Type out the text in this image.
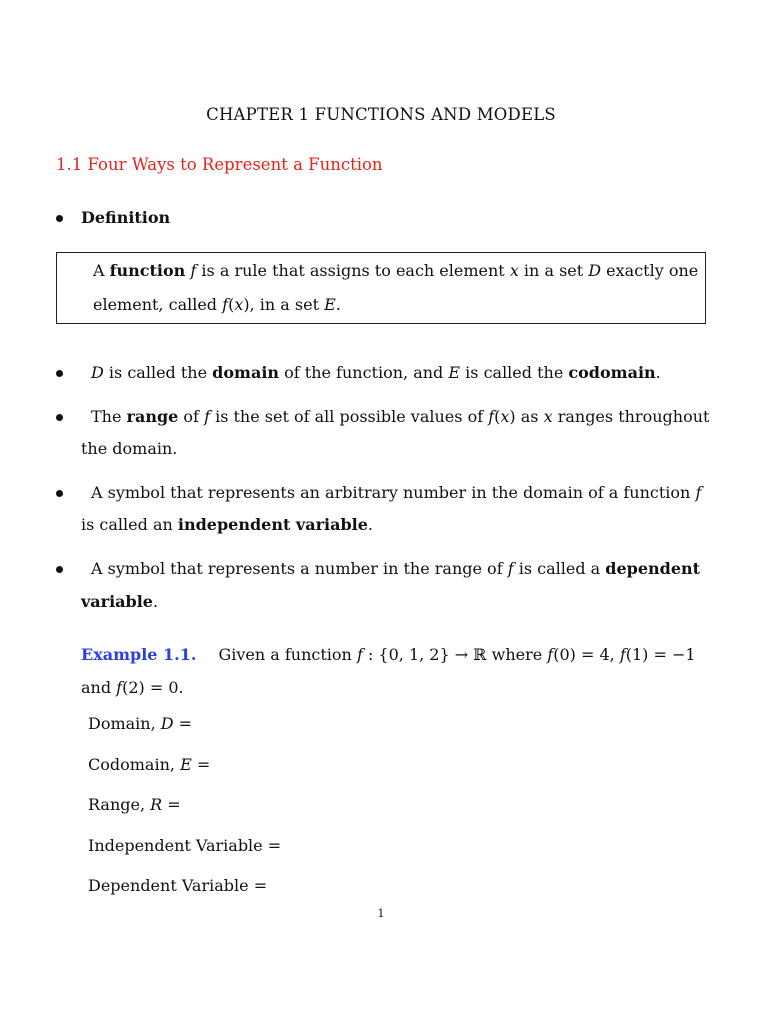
CHAPTER 1 FUNCTIONS AND MODELS
1.1 Four Ways to Represent a Function
Definition
A function f is a rule that assigns to each element x in a set D exactly one
element, called f(x), in a set E.
D is called the domain of the function, and E is called the codomain.
The range of f is the set of all possible values of f(x) as x ranges throughout
the domain.
A symbol that represents an arbitrary number in the domain of a function f
is called an independent variable.
A symbol that represents a number in the range of f is called a dependent
variable.
Example 1.1. Given a function f : {0, 1, 2} → ℝ where f(0) = 4, f(1) = −1
and f(2) = 0.
Domain, D =
Codomain, E =
Range, R =
Independent Variable =
Dependent Variable =
1
